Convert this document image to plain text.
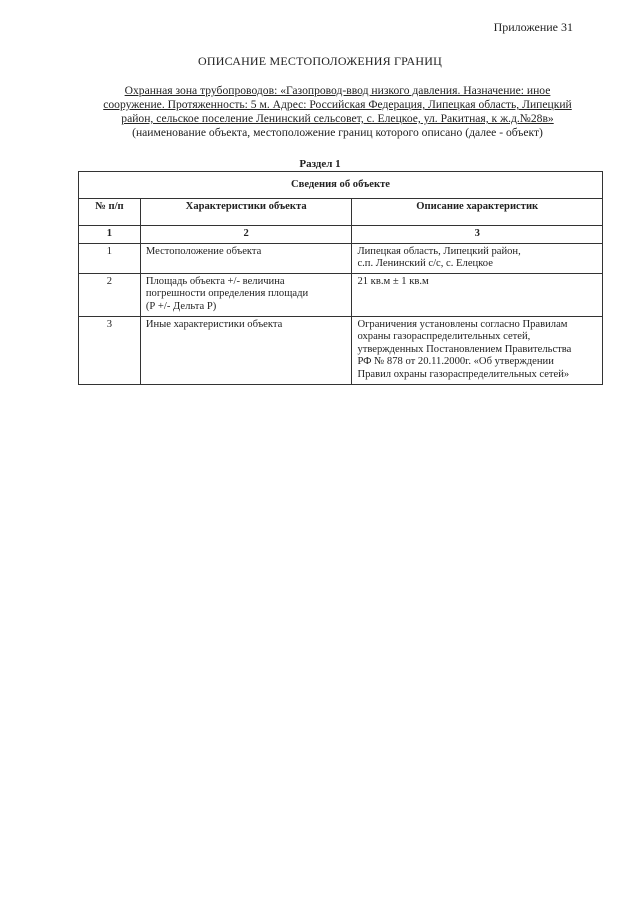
Приложение 31
ОПИСАНИЕ МЕСТОПОЛОЖЕНИЯ ГРАНИЦ
Охранная зона трубопроводов: «Газопровод-ввод низкого давления. Назначение: иное
сооружение. Протяженность: 5 м. Адрес: Российская Федерация, Липецкая область, Липецкий
район, сельское поселение Ленинский сельсовет, с. Елецкое, ул. Ракитная, к ж.д.№28в»
(наименование объекта, местоположение границ которого описано (далее - объект)
Раздел 1
Сведения об объекте		
№ п/п	Характеристики объекта	Описание характеристик
1	2	3
1	Местоположение объекта	Липецкая область, Липецкий район,
с.п. Ленинский с/с, с. Елецкое

2	Площадь объекта +/- величина
погрешности определения площади
(Р +/- Дельта Р)	21 кв.м ± 1 кв.м
3	Иные характеристики объекта	Ограничения установлены согласно Правилам
охраны газораспределительных сетей,
утвержденных Постановлением Правительства
РФ № 878 от 20.11.2000г. «Об утверждении
Правил охраны газораспределительных сетей»
